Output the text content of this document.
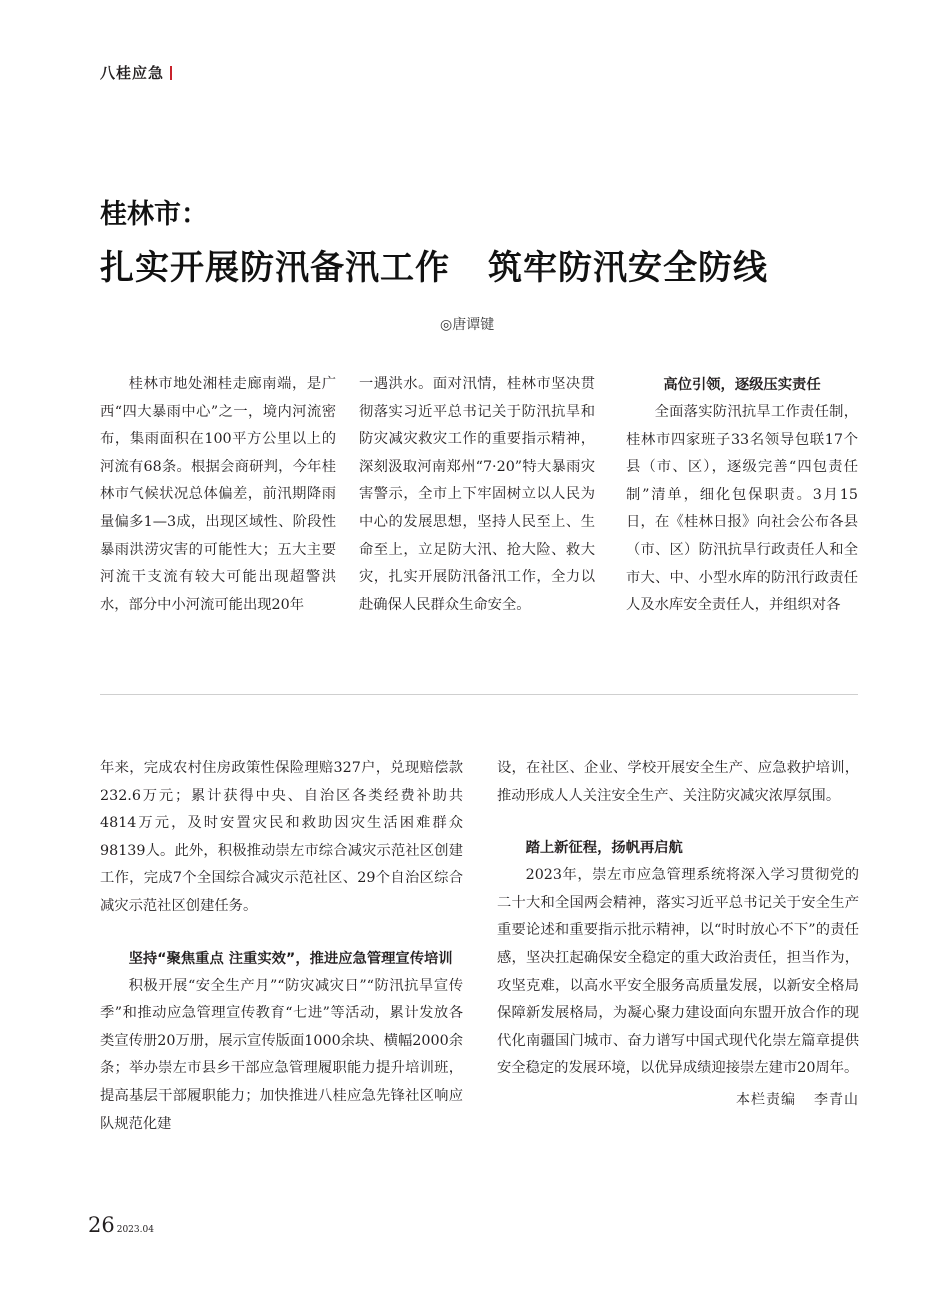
八桂应急
桂林市：
扎实开展防汛备汛工作 筑牢防汛安全防线
◎唐谭键

桂林市地处湘桂走廊南端，是广西“四大暴雨中心”之一，境内河流密布，集雨面积在100平方公里以上的河流有68条。根据会商研判，今年桂林市气候状况总体偏差，前汛期降雨量偏多1—3成，出现区域性、阶段性暴雨洪涝灾害的可能性大；五大主要河流干支流有较大可能出现超警洪水，部分中小河流可能出现20年

一遇洪水。面对汛情，桂林市坚决贯彻落实习近平总书记关于防汛抗旱和防灾减灾救灾工作的重要指示精神，深刻汲取河南郑州“7·20”特大暴雨灾害警示，全市上下牢固树立以人民为中心的发展思想，坚持人民至上、生命至上，立足防大汛、抢大险、救大灾，扎实开展防汛备汛工作，全力以赴确保人民群众生命安全。

高位引领，逐级压实责任

全面落实防汛抗旱工作责任制，桂林市四家班子33名领导包联17个县（市、区），逐级完善“四包责任制”清单，细化包保职责。3月15日，在《桂林日报》向社会公布各县（市、区）防汛抗旱行政责任人和全市大、中、小型水库的防汛行政责任人及水库安全责任人，并组织对各

年来，完成农村住房政策性保险理赔327户，兑现赔偿款232.6万元；累计获得中央、自治区各类经费补助共4814万元，及时安置灾民和救助因灾生活困难群众98139人。此外，积极推动崇左市综合减灾示范社区创建工作，完成7个全国综合减灾示范社区、29个自治区综合减灾示范社区创建任务。

坚持“聚焦重点 注重实效”，推进应急管理宣传培训

积极开展“安全生产月”“防灾减灾日”“防汛抗旱宣传季”和推动应急管理宣传教育“七进”等活动，累计发放各类宣传册20万册，展示宣传版面1000余块、横幅2000余条；举办崇左市县乡干部应急管理履职能力提升培训班，提高基层干部履职能力；加快推进八桂应急先锋社区响应队规范化建

设，在社区、企业、学校开展安全生产、应急救护培训，推动形成人人关注安全生产、关注防灾减灾浓厚氛围。

踏上新征程，扬帆再启航

2023年，崇左市应急管理系统将深入学习贯彻党的二十大和全国两会精神，落实习近平总书记关于安全生产重要论述和重要指示批示精神，以“时时放心不下”的责任感，坚决扛起确保安全稳定的重大政治责任，担当作为，攻坚克难，以高水平安全服务高质量发展，以新安全格局保障新发展格局，为凝心聚力建设面向东盟开放合作的现代化南疆国门城市、奋力谱写中国式现代化崇左篇章提供安全稳定的发展环境，以优异成绩迎接崇左建市20周年。

本栏责编 李青山
26 2023.04
